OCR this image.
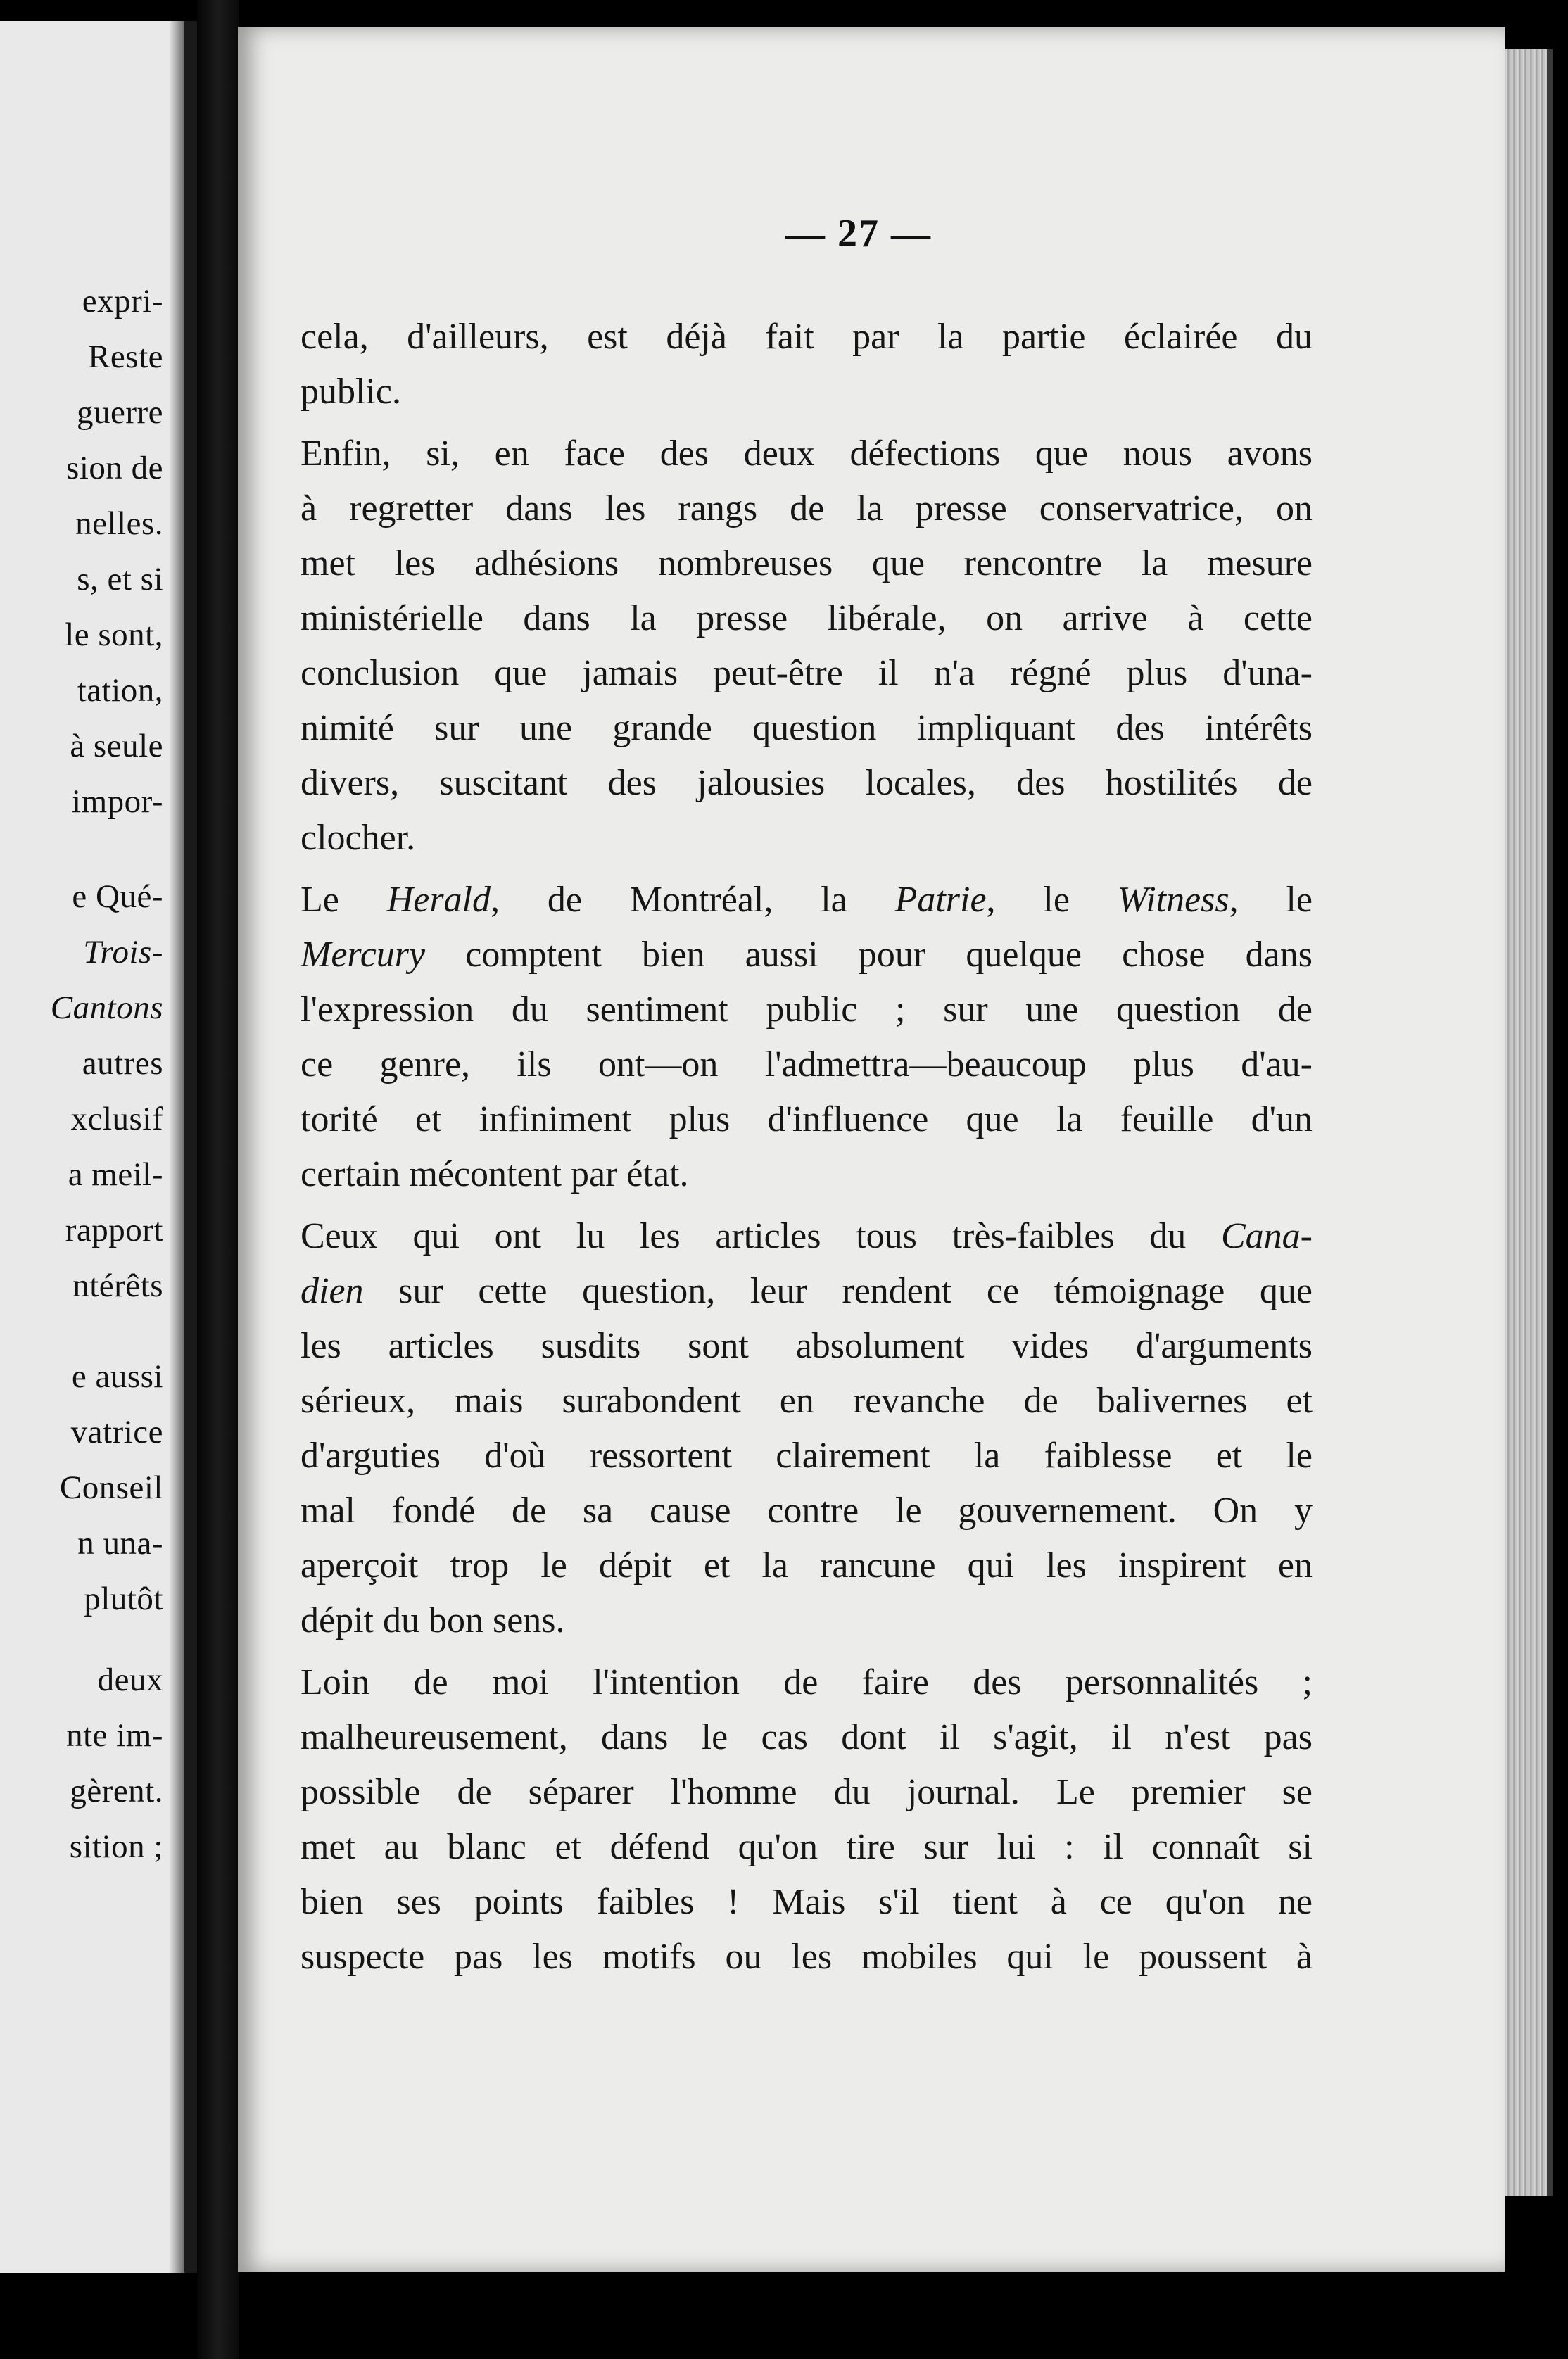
expri-
Reste
guerre
sion de
nelles.
s, et si
le sont,
tation,
à seule
impor-
e Qué-
Trois-
Cantons
autres
xclusif
a meil-
rapport
ntérêts
e aussi
vatrice
Conseil
n una-
plutôt
deux
nte im-
gèrent.
sition ;
— 27 —

cela, d'ailleurs, est déjà fait par la partie éclairée du
public.

Enfin, si, en face des deux défections que nous avons
à regretter dans les rangs de la presse conservatrice, on
met les adhésions nombreuses que rencontre la mesure
ministérielle dans la presse libérale, on arrive à cette
conclusion que jamais peut-être il n'a régné plus d'una-
nimité sur une grande question impliquant des intérêts
divers, suscitant des jalousies locales, des hostilités de
clocher.

Le Herald, de Montréal, la Patrie, le Witness, le
Mercury comptent bien aussi pour quelque chose dans
l'expression du sentiment public ; sur une question de
ce genre, ils ont—on l'admettra—beaucoup plus d'au-
torité et infiniment plus d'influence que la feuille d'un
certain mécontent par état.

Ceux qui ont lu les articles tous très-faibles du Cana-
dien sur cette question, leur rendent ce témoignage que
les articles susdits sont absolument vides d'arguments
sérieux, mais surabondent en revanche de balivernes et
d'arguties d'où ressortent clairement la faiblesse et le
mal fondé de sa cause contre le gouvernement. On y
aperçoit trop le dépit et la rancune qui les inspirent en
dépit du bon sens.

Loin de moi l'intention de faire des personnalités ;
malheureusement, dans le cas dont il s'agit, il n'est pas
possible de séparer l'homme du journal. Le premier se
met au blanc et défend qu'on tire sur lui : il connaît si
bien ses points faibles ! Mais s'il tient à ce qu'on ne
suspecte pas les motifs ou les mobiles qui le poussent à
